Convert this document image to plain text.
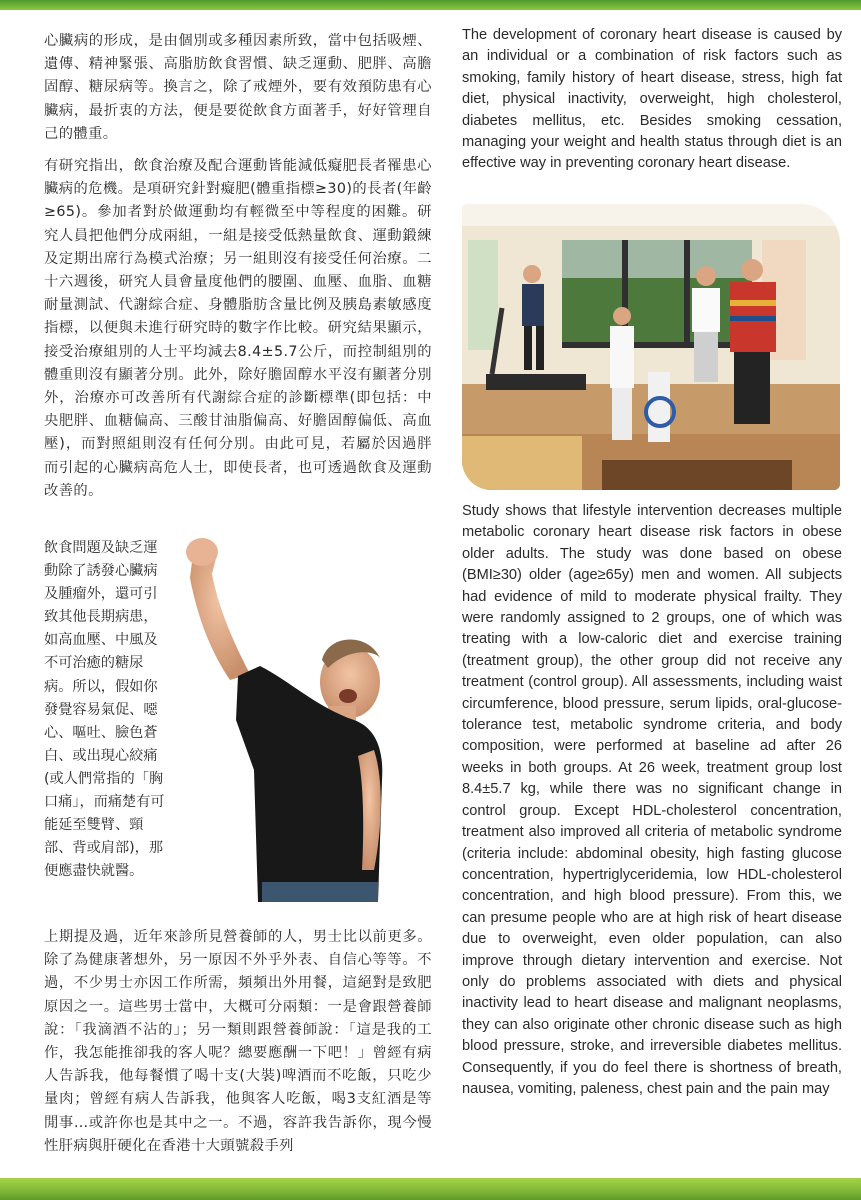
心臟病的形成，是由個別或多種因素所致，當中包括吸煙、遺傳、精神緊張、高脂肪飲食習慣、缺乏運動、肥胖、高膽固醇、糖尿病等。換言之，除了戒煙外，要有效預防患有心臟病，最折衷的方法，便是要從飲食方面著手，好好管理自己的體重。

有研究指出，飲食治療及配合運動皆能減低癡肥長者罹患心臟病的危機。是項研究針對癡肥(體重指標≥30)的長者(年齡≥65)。參加者對於做運動均有輕微至中等程度的困難。研究人員把他們分成兩組，一組是接受低熱量飲食、運動鍛練及定期出席行為模式治療；另一組則沒有接受任何治療。二十六週後，研究人員會量度他們的腰圍、血壓、血脂、血糖耐量測試、代謝綜合症、身體脂肪含量比例及胰島素敏感度指標，以便與未進行研究時的數字作比較。研究結果顯示，接受治療組別的人士平均減去8.4±5.7公斤，而控制組別的體重則沒有顯著分別。此外，除好膽固醇水平沒有顯著分別外，治療亦可改善所有代謝綜合症的診斷標準(即包括：中央肥胖、血糖偏高、三酸甘油脂偏高、好膽固醇偏低、高血壓)，而對照組則沒有任何分別。由此可見，若屬於因過胖而引起的心臟病高危人士，即使長者，也可透過飲食及運動改善的。

飲食問題及缺乏運動除了誘發心臟病及腫瘤外，還可引致其他長期病患，如高血壓、中風及不可治癒的糖尿病。所以，假如你發覺容易氣促、噁心、嘔吐、臉色蒼白、或出現心絞痛(或人們常指的「胸口痛」，而痛楚有可能延至雙臂、頸部、背或肩部)，那便應盡快就醫。

上期提及過，近年來診所見營養師的人，男士比以前更多。除了為健康著想外，另一原因不外乎外表、自信心等等。不過，不少男士亦因工作所需，頻頻出外用餐，這絕對是致肥原因之一。這些男士當中，大概可分兩類：一是會跟營養師說：「我滴酒不沾的」；另一類則跟營養師說：「這是我的工作，我怎能推卻我的客人呢？總要應酬一下吧！」曾經有病人告訴我，他每餐慣了喝十支(大裝)啤酒而不吃飯，只吃少量肉；曾經有病人告訴我，他與客人吃飯，喝3支紅酒是等閒事…或許你也是其中之一。不過，容許我告訴你，現今慢性肝病與肝硬化在香港十大頭號殺手列

The development of coronary heart disease is caused by an individual or a combination of risk factors such as smoking, family history of heart disease, stress, high fat diet, physical inactivity, overweight, high cholesterol, diabetes mellitus, etc. Besides smoking cessation, managing your weight and health status through diet is an effective way in preventing coronary heart disease.

Study shows that lifestyle intervention decreases multiple metabolic coronary heart disease risk factors in obese older adults. The study was done based on obese (BMI≥30) older (age≥65y) men and women. All subjects had evidence of mild to moderate physical frailty. They were randomly assigned to 2 groups, one of which was treating with a low-caloric diet and exercise training (treatment group), the other group did not receive any treatment (control group). All assessments, including waist circumference, blood pressure, serum lipids, oral-glucose-tolerance test, metabolic syndrome criteria, and body composition, were performed at baseline ad after 26 weeks in both groups. At 26 week, treatment group lost 8.4±5.7 kg, while there was no significant change in control group. Except HDL-cholesterol concentration, treatment also improved all criteria of metabolic syndrome (criteria include: abdominal obesity, high fasting glucose concentration, hypertriglyceridemia, low HDL-cholesterol concentration, and high blood pressure). From this, we can presume people who are at high risk of heart disease due to overweight, even older population, can also improve through dietary intervention and exercise. Not only do problems associated with diets and physical inactivity lead to heart disease and malignant neoplasms, they can also originate other chronic disease such as high blood pressure, stroke, and irreversible diabetes mellitus. Consequently, if you do feel there is shortness of breath, nausea, vomiting, paleness, chest pain and the pain may
